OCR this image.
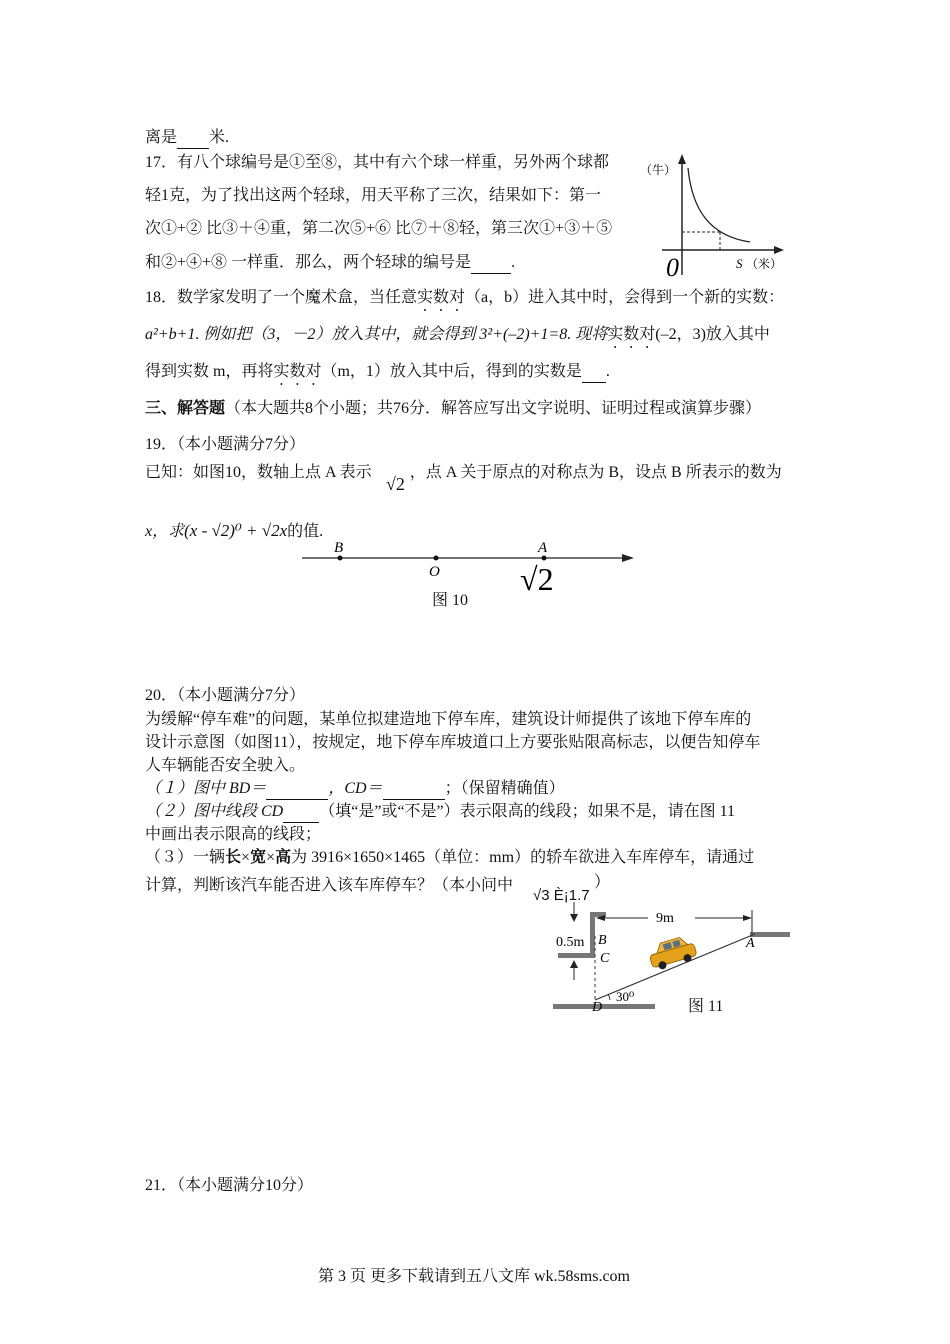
离是 米.
17．有八个球编号是①至⑧，其中有六个球一样重，另外两个球都
轻1克，为了找出这两个轻球，用天平称了三次，结果如下：第一
次①+② 比③＋④重，第二次⑤+⑥ 比⑦＋⑧轻，第三次①+③＋⑤
和②+④+⑧ 一样重．那么，两个轻球的编号是	.
（牛）
0	S （米）
18．数学家发明了一个魔术盒，当任意实数对（a，b）进入其中时，会得到一个新的实数：
a²+b+1. 例如把（3，－2）放入其中，就会得到 3²+(–2)+1=8. 现将实数对(–2，3)放入其中
得到实数 m，再将实数对（m，1）放入其中后，得到的实数是 .
三、解答题（本大题共8个小题；共76分．解答应写出文字说明、证明过程或演算步骤）
19．（本小题满分7分）
已知：如图10，数轴上点 A 表示 ，点 A 关于原点的对称点为 B，设点 B 所表示的数为
√2
x，求(x - √2)⁰ + √2x的值.
B
O
A
√2
图 10
20．（本小题满分7分）
为缓解“停车难”的问题，某单位拟建造地下停车库，建筑设计师提供了该地下停车库的
设计示意图（如图11），按规定，地下停车库坡道口上方要张贴限高标志，以便告知停车
人车辆能否安全驶入。
（１）图中 BD＝	，CD＝	；（保留精确值）
（２）图中线段 CD （填“是”或“不是”）表示限高的线段；如果不是，请在图 11
中画出表示限高的线段；
（３）一辆长×宽×高为 3916×1650×1465（单位：mm）的轿车欲进入车库停车，请通过
计算，判断该汽车能否进入该车库停车？（本小问中
√3 È¡1.7
）
9m
0.5m B
C
D
A
30⁰
图 11
21．（本小题满分10分）
第 3 页 更多下载请到五八文库 wk.58sms.com
